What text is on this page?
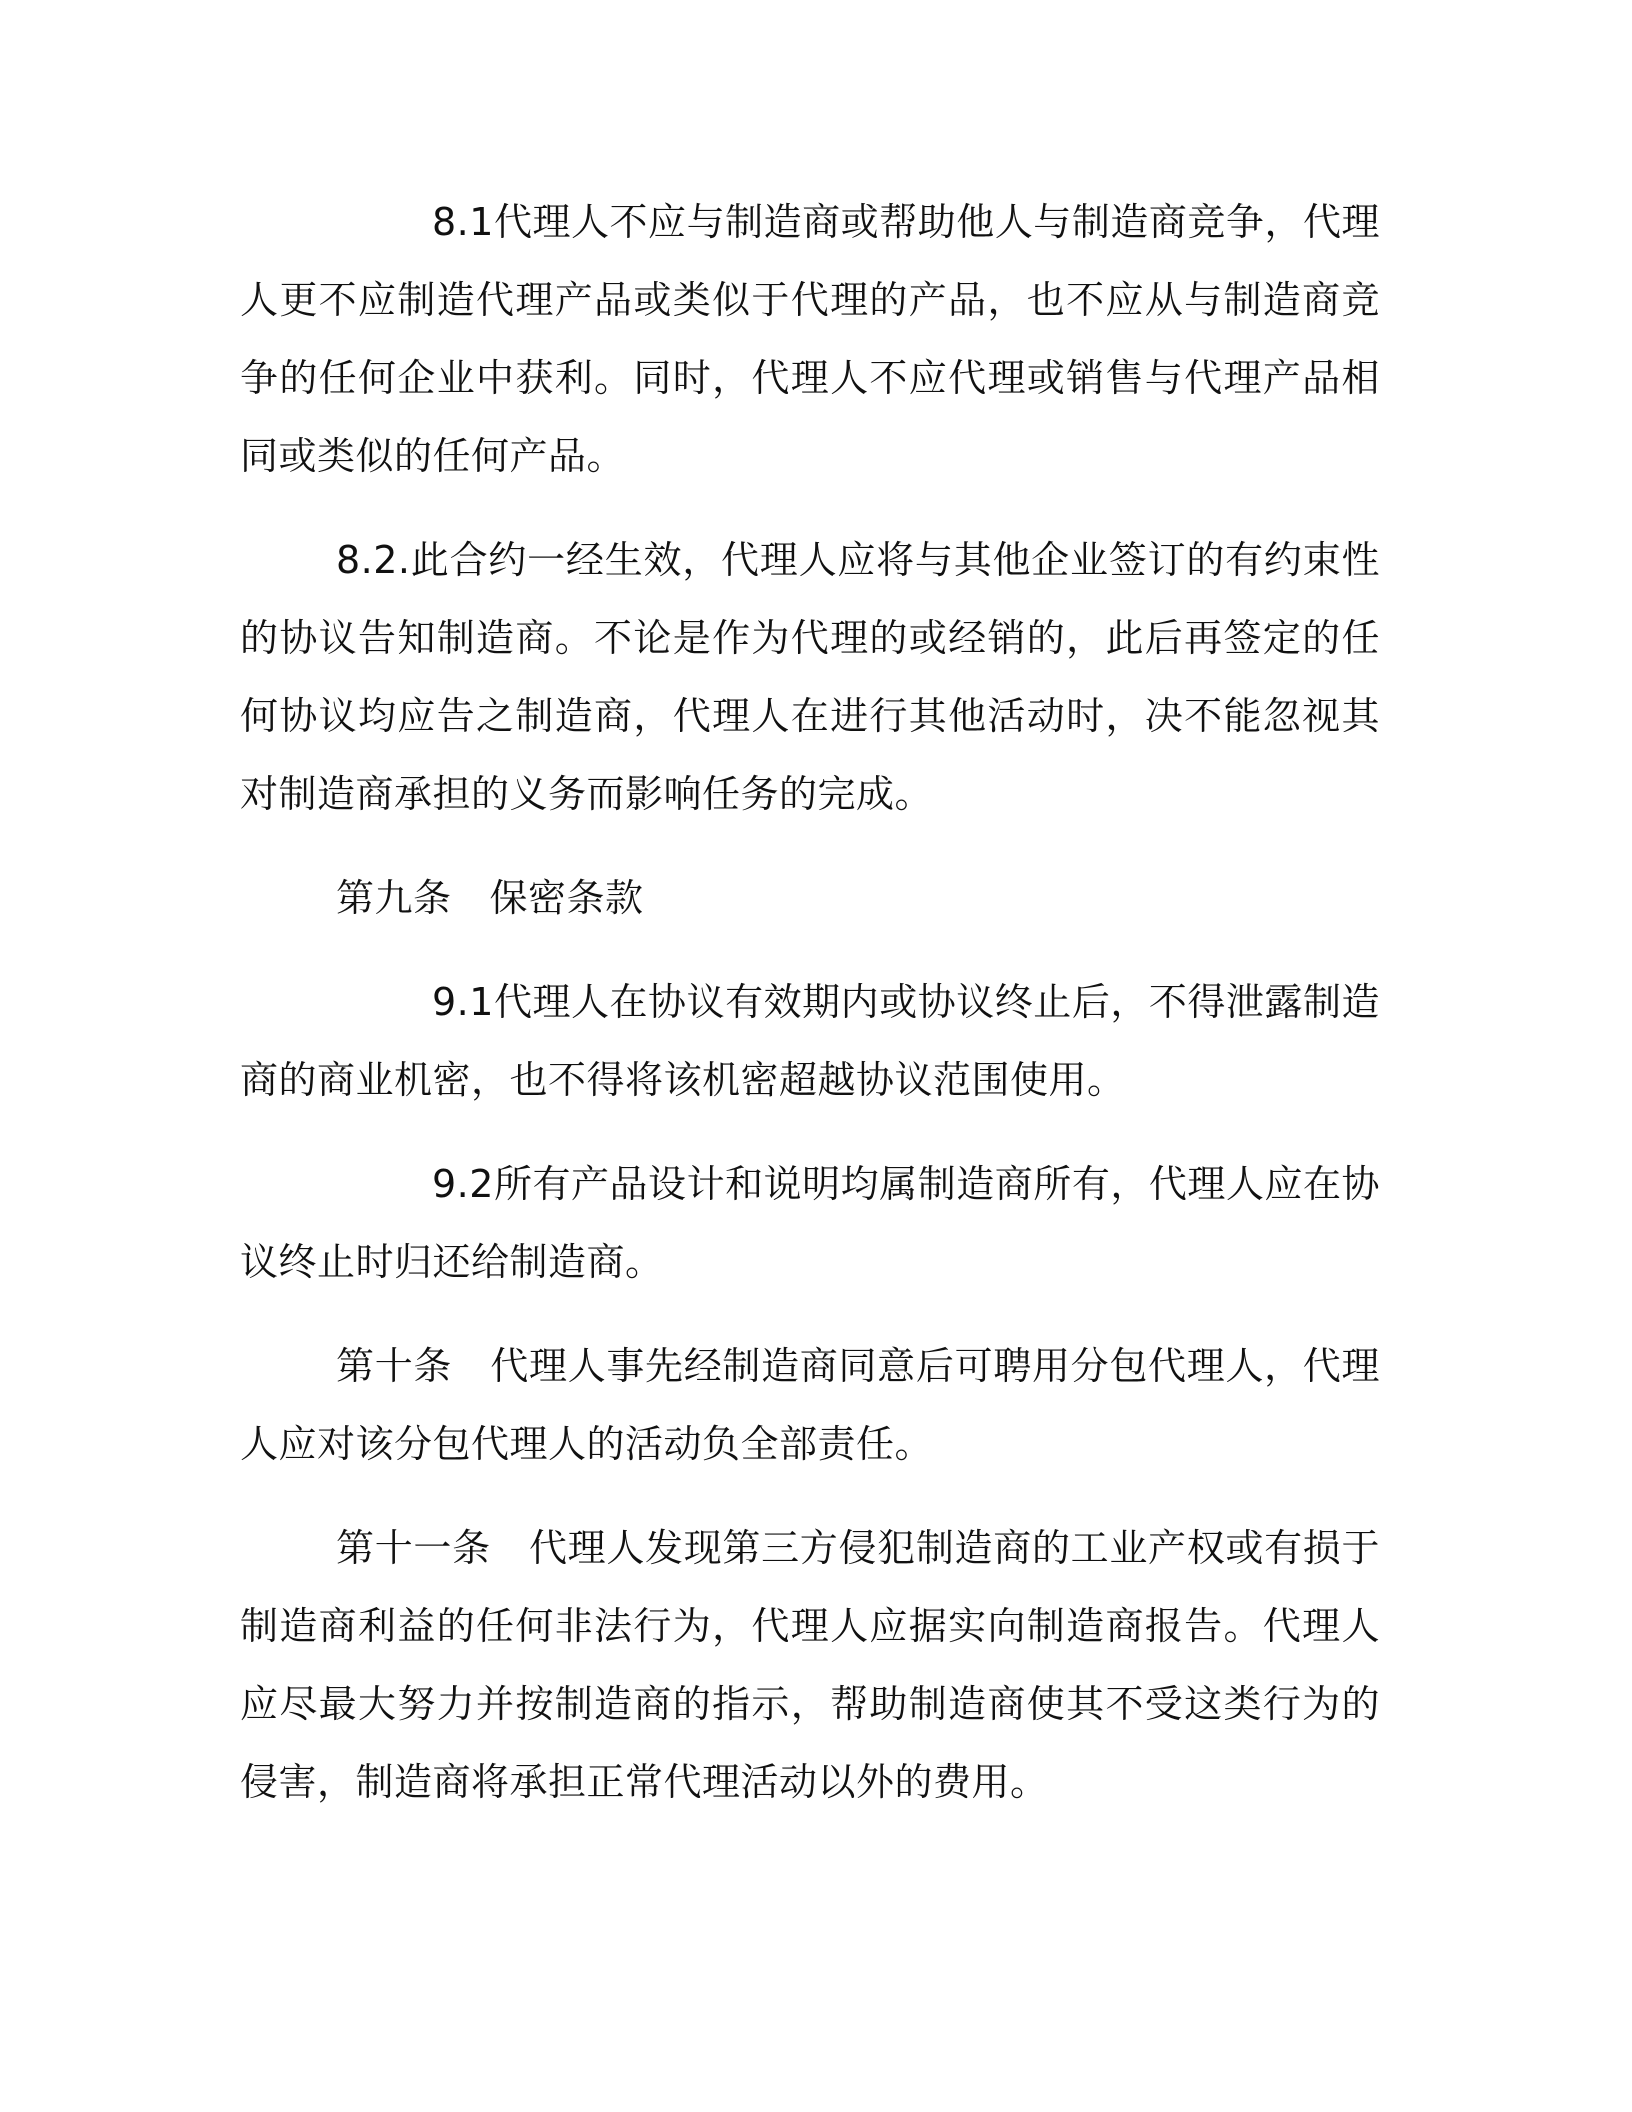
8.1代理人不应与制造商或帮助他人与制造商竞争，代理人更不应制造代理产品或类似于代理的产品，也不应从与制造商竞争的任何企业中获利。同时，代理人不应代理或销售与代理产品相同或类似的任何产品。

8.2.此合约一经生效，代理人应将与其他企业签订的有约束性的协议告知制造商。不论是作为代理的或经销的，此后再签定的任何协议均应告之制造商，代理人在进行其他活动时，决不能忽视其对制造商承担的义务而影响任务的完成。

第九条 保密条款

9.1代理人在协议有效期内或协议终止后，不得泄露制造商的商业机密，也不得将该机密超越协议范围使用。

9.2所有产品设计和说明均属制造商所有，代理人应在协议终止时归还给制造商。

第十条 代理人事先经制造商同意后可聘用分包代理人，代理人应对该分包代理人的活动负全部责任。

第十一条 代理人发现第三方侵犯制造商的工业产权或有损于制造商利益的任何非法行为，代理人应据实向制造商报告。代理人应尽最大努力并按制造商的指示，帮助制造商使其不受这类行为的侵害，制造商将承担正常代理活动以外的费用。
